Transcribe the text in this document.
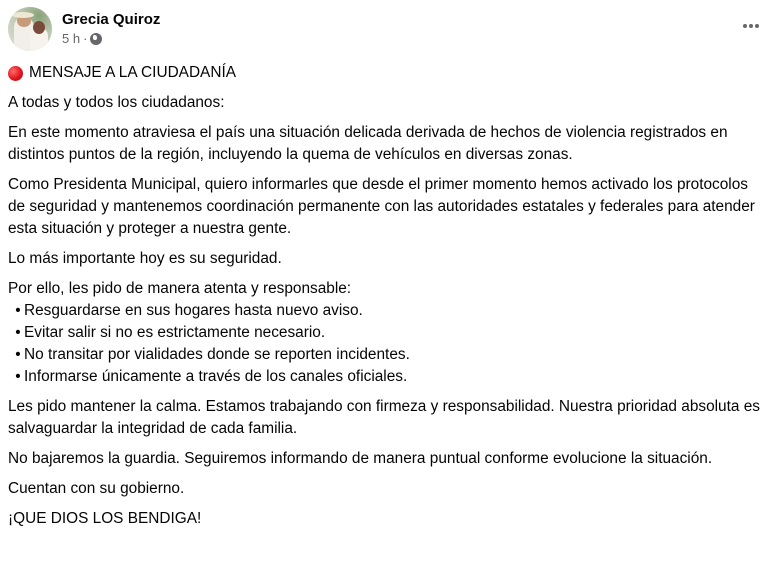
Grecia Quiroz
5 h ·
MENSAJE A LA CIUDADANÍA

A todas y todos los ciudadanos:

En este momento atraviesa el país una situación delicada derivada de hechos de violencia registrados en distintos puntos de la región, incluyendo la quema de vehículos en diversas zonas.

Como Presidenta Municipal, quiero informarles que desde el primer momento hemos activado los protocolos de seguridad y mantenemos coordinación permanente con las autoridades estatales y federales para atender esta situación y proteger a nuestra gente.

Lo más importante hoy es su seguridad.

Por ello, les pido de manera atenta y responsable:
• Resguardarse en sus hogares hasta nuevo aviso.
• Evitar salir si no es estrictamente necesario.
• No transitar por vialidades donde se reporten incidentes.
• Informarse únicamente a través de los canales oficiales.

Les pido mantener la calma. Estamos trabajando con firmeza y responsabilidad. Nuestra prioridad absoluta es salvaguardar la integridad de cada familia.

No bajaremos la guardia. Seguiremos informando de manera puntual conforme evolucione la situación.

Cuentan con su gobierno.

¡QUE DIOS LOS BENDIGA!
